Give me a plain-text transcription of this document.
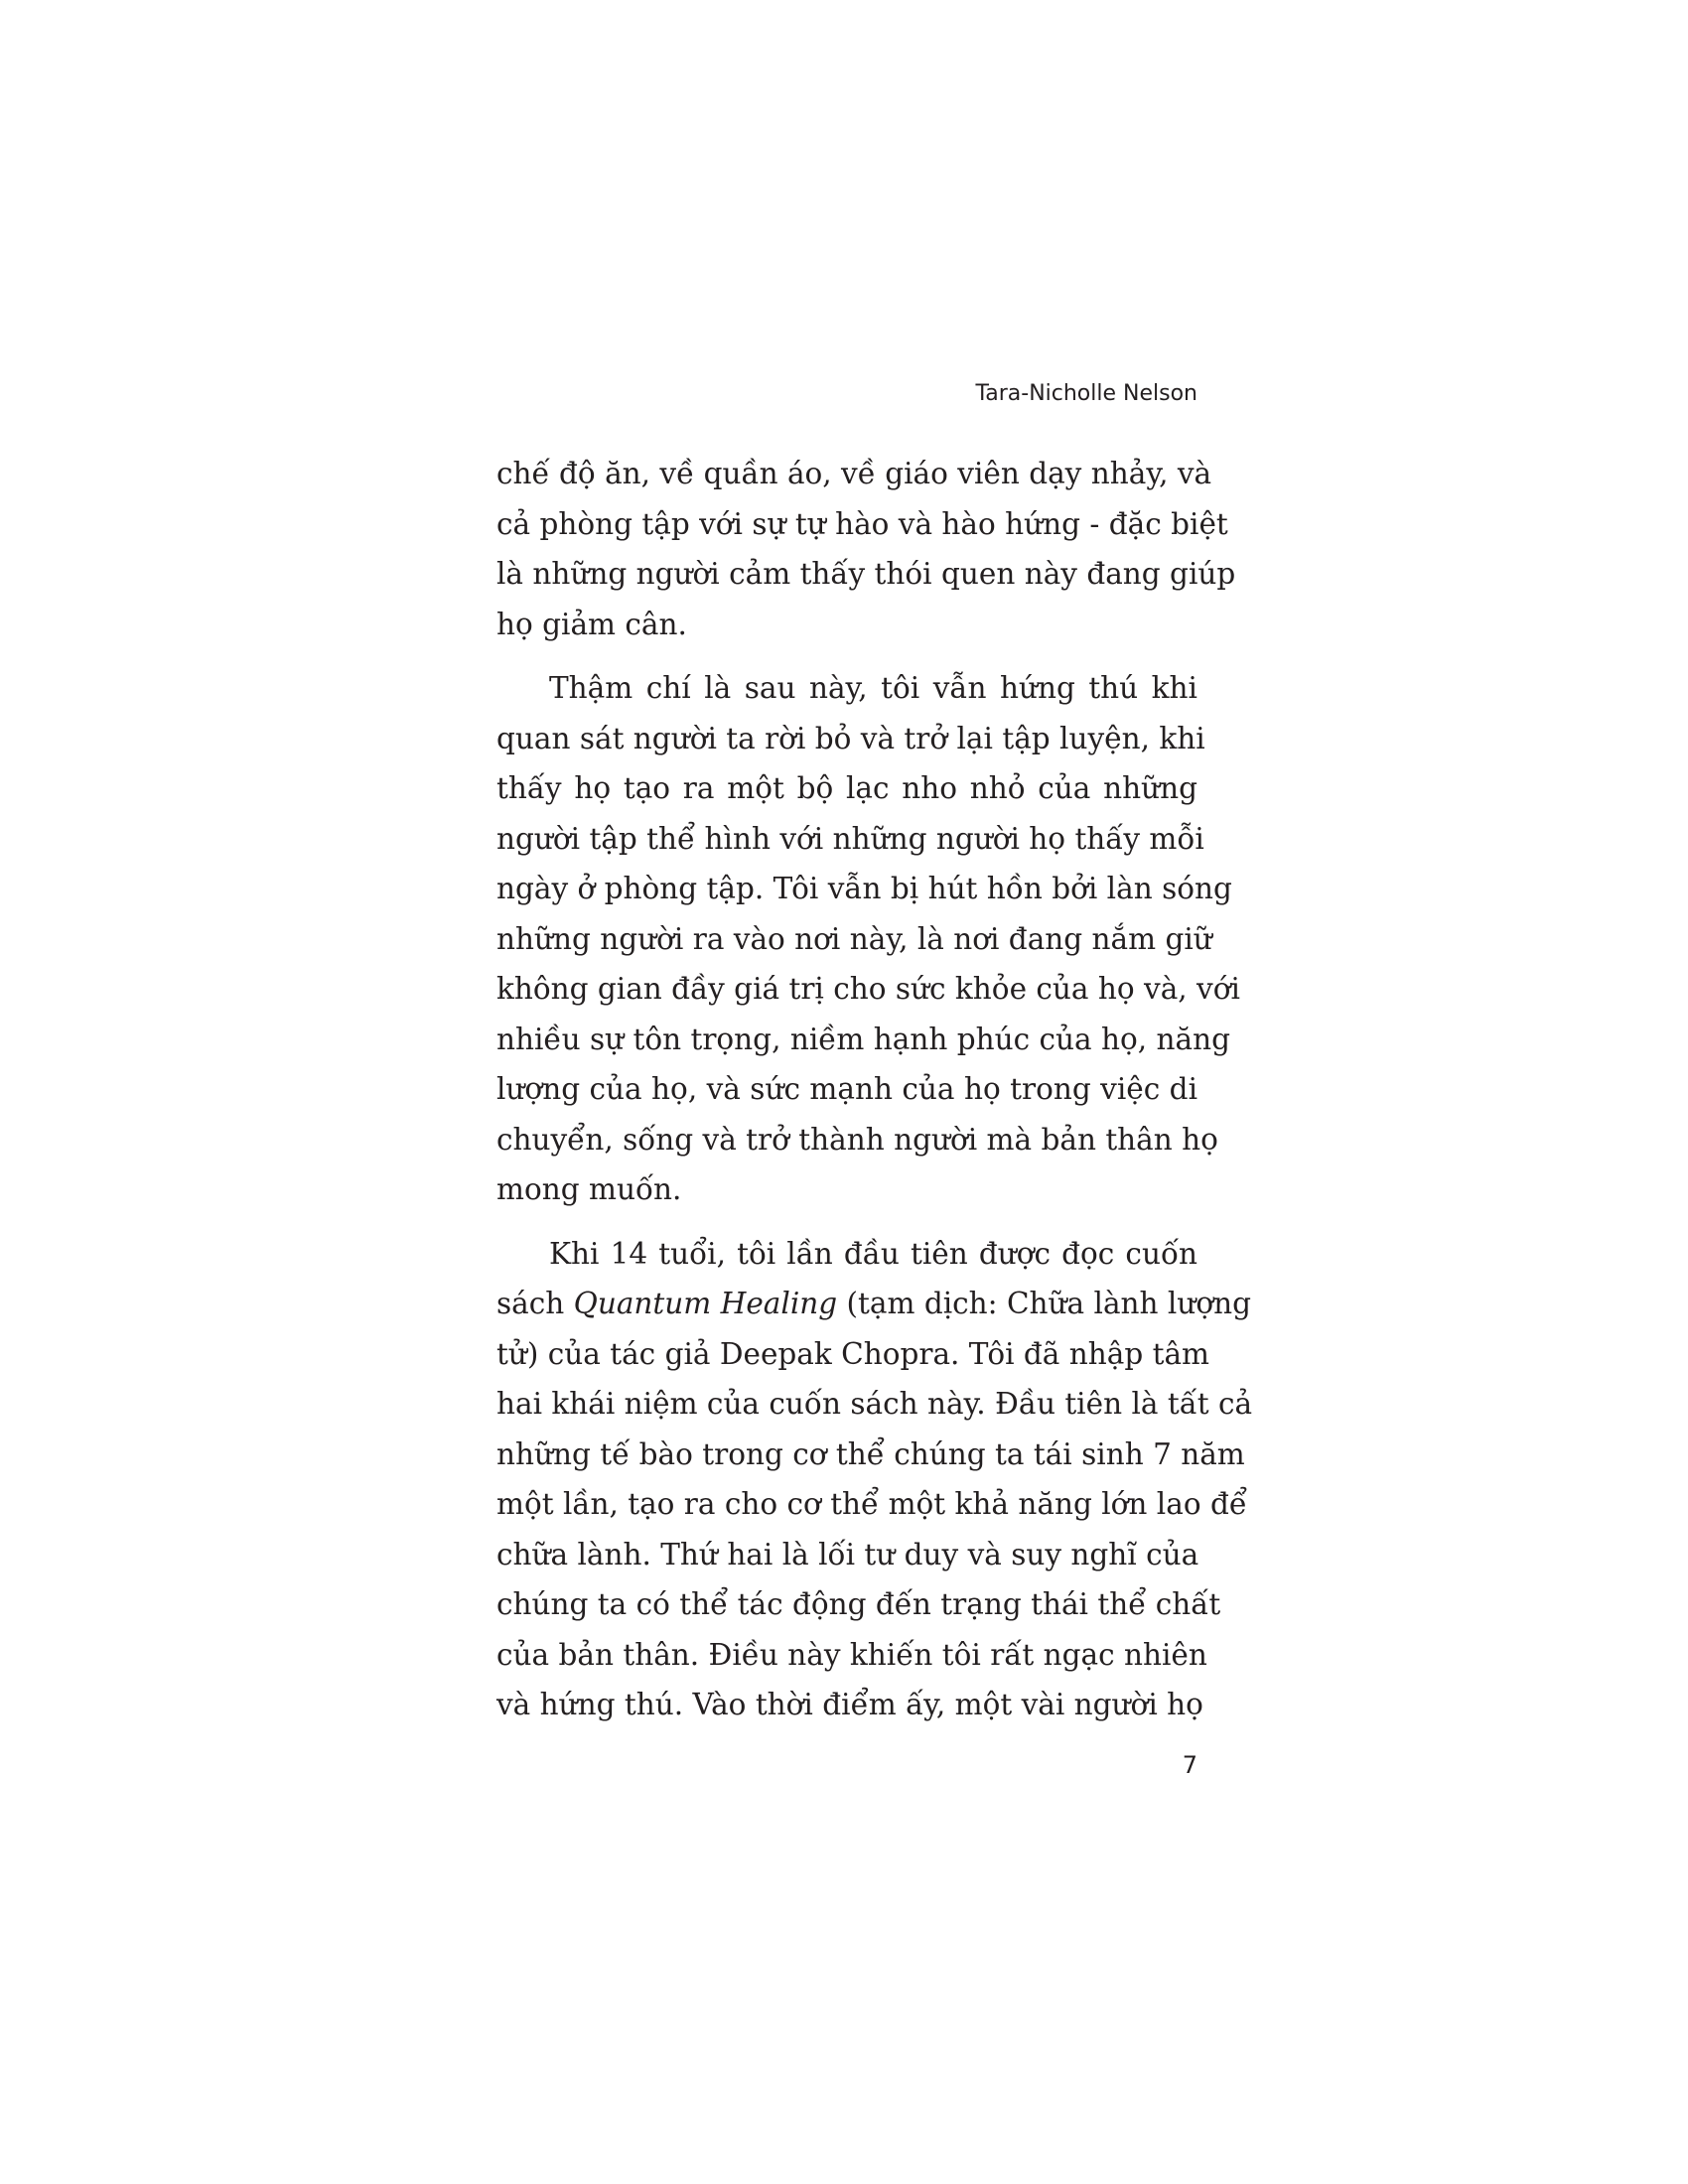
Tara-Nicholle Nelson

chế độ ăn, về quần áo, về giáo viên dạy nhảy, và
cả phòng tập với sự tự hào và hào hứng - đặc biệt
là những người cảm thấy thói quen này đang giúp
họ giảm cân.

Thậm chí là sau này, tôi vẫn hứng thú khi
quan sát người ta rời bỏ và trở lại tập luyện, khi
thấy họ tạo ra một bộ lạc nho nhỏ của những
người tập thể hình với những người họ thấy mỗi
ngày ở phòng tập. Tôi vẫn bị hút hồn bởi làn sóng
những người ra vào nơi này, là nơi đang nắm giữ
không gian đầy giá trị cho sức khỏe của họ và, với
nhiều sự tôn trọng, niềm hạnh phúc của họ, năng
lượng của họ, và sức mạnh của họ trong việc di
chuyển, sống và trở thành người mà bản thân họ
mong muốn.

Khi 14 tuổi, tôi lần đầu tiên được đọc cuốn
sách Quantum Healing (tạm dịch: Chữa lành lượng
tử) của tác giả Deepak Chopra. Tôi đã nhập tâm
hai khái niệm của cuốn sách này. Đầu tiên là tất cả
những tế bào trong cơ thể chúng ta tái sinh 7 năm
một lần, tạo ra cho cơ thể một khả năng lớn lao để
chữa lành. Thứ hai là lối tư duy và suy nghĩ của
chúng ta có thể tác động đến trạng thái thể chất
của bản thân. Điều này khiến tôi rất ngạc nhiên
và hứng thú. Vào thời điểm ấy, một vài người họ

7
